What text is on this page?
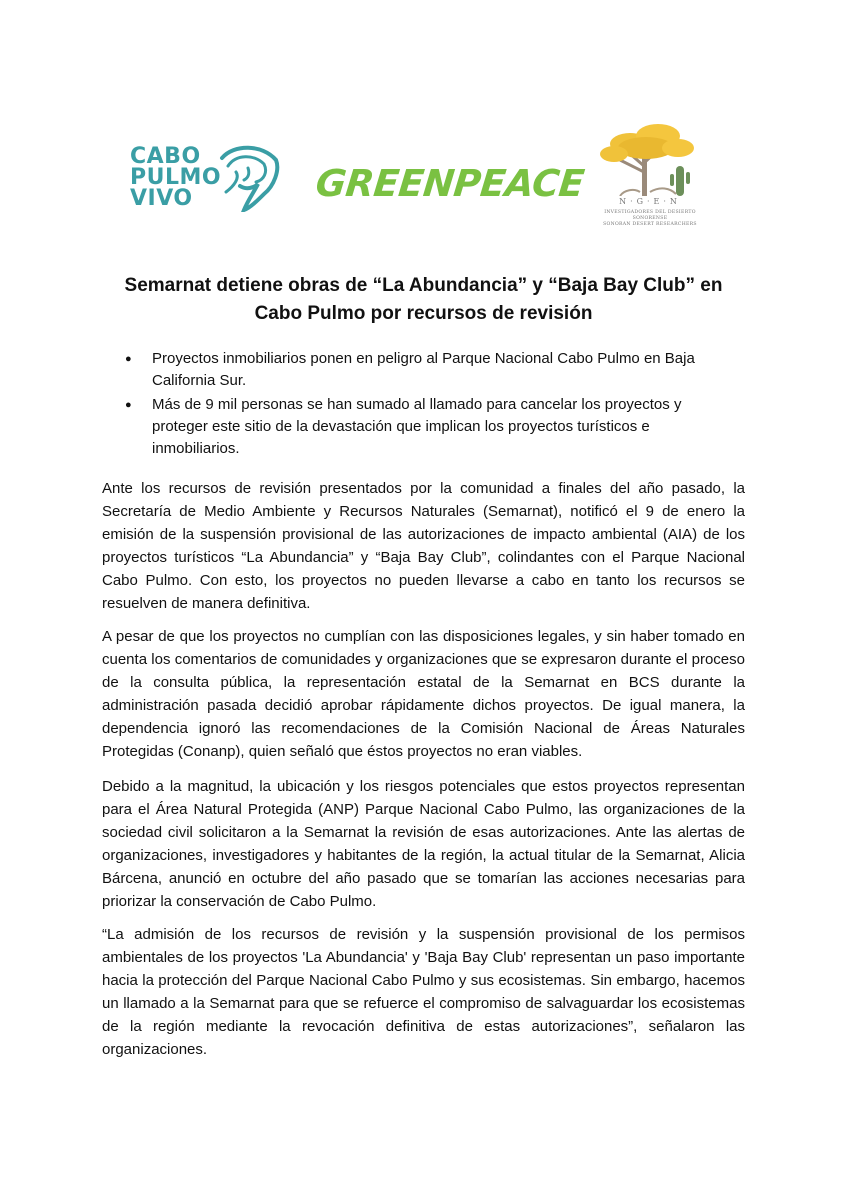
CABO
PULMO
VIVO	GREENPEACE	N·G·E·N
INVESTIGADORES DEL DESIERTO SONORENSE
SONORAN DESERT RESEARCHERS
Semarnat detiene obras de “La Abundancia” y “Baja Bay Club” en
Cabo Pulmo por recursos de revisión
● Proyectos inmobiliarios ponen en peligro al Parque Nacional Cabo Pulmo en Baja California Sur.
● Más de 9 mil personas se han sumado al llamado para cancelar los proyectos y proteger este sitio de la devastación que implican los proyectos turísticos e inmobiliarios.

Ante los recursos de revisión presentados por la comunidad a finales del año pasado, la Secretaría de Medio Ambiente y Recursos Naturales (Semarnat), notificó el 9 de enero la emisión de la suspensión provisional de las autorizaciones de impacto ambiental (AIA) de los proyectos turísticos “La Abundancia” y “Baja Bay Club”, colindantes con el Parque Nacional Cabo Pulmo. Con esto, los proyectos no pueden llevarse a cabo en tanto los recursos se resuelven de manera definitiva.

A pesar de que los proyectos no cumplían con las disposiciones legales, y sin haber tomado en cuenta los comentarios de comunidades y organizaciones que se expresaron durante el proceso de la consulta pública, la representación estatal de la Semarnat en BCS durante la administración pasada decidió aprobar rápidamente dichos proyectos. De igual manera, la dependencia ignoró las recomendaciones de la Comisión Nacional de Áreas Naturales Protegidas (Conanp), quien señaló que éstos proyectos no eran viables.

Debido a la magnitud, la ubicación y los riesgos potenciales que estos proyectos representan para el Área Natural Protegida (ANP) Parque Nacional Cabo Pulmo, las organizaciones de la sociedad civil solicitaron a la Semarnat la revisión de esas autorizaciones. Ante las alertas de organizaciones, investigadores y habitantes de la región, la actual titular de la Semarnat, Alicia Bárcena, anunció en octubre del año pasado que se tomarían las acciones necesarias para priorizar la conservación de Cabo Pulmo.

“La admisión de los recursos de revisión y la suspensión provisional de los permisos ambientales de los proyectos 'La Abundancia' y 'Baja Bay Club' representan un paso importante hacia la protección del Parque Nacional Cabo Pulmo y sus ecosistemas. Sin embargo, hacemos un llamado a la Semarnat para que se refuerce el compromiso de salvaguardar los ecosistemas de la región mediante la revocación definitiva de estas autorizaciones”, señalaron las organizaciones.
